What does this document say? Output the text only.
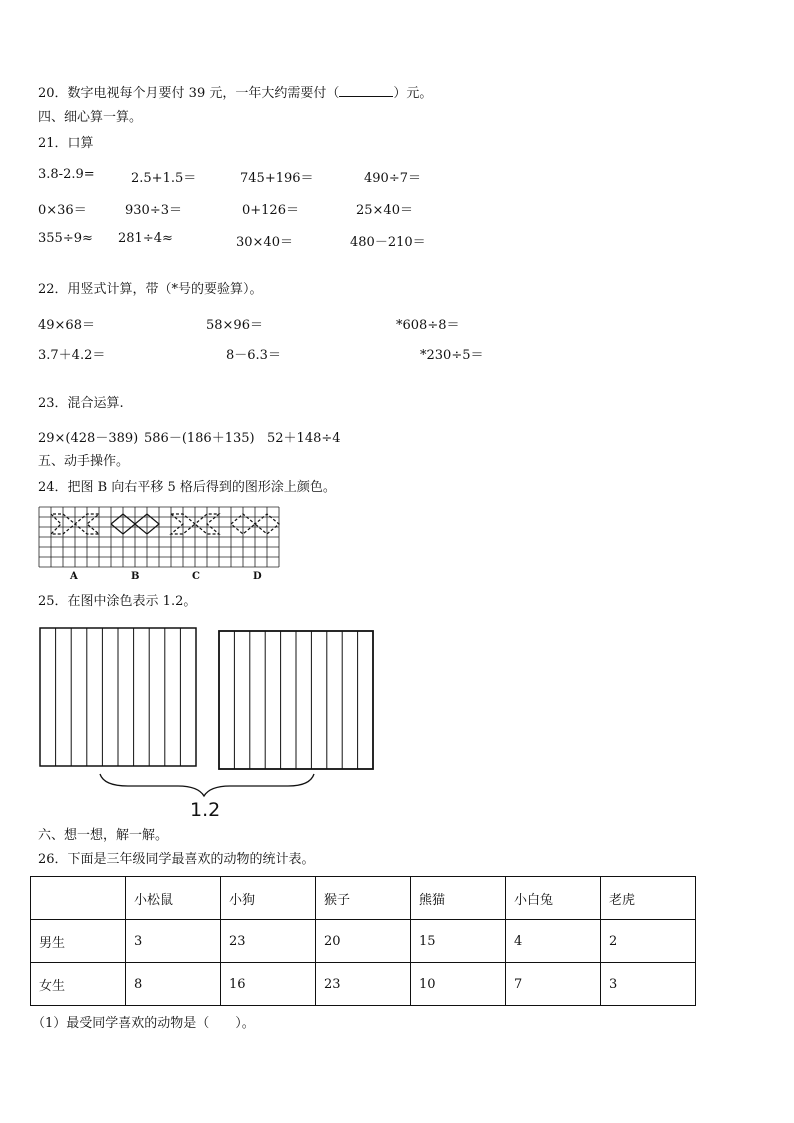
20．数字电视每个月要付 39 元，一年大约需要付（	）元。
四、细心算一算。
21．口算
3.8-2.9=	2.5+1.5＝	745+196＝	490÷7＝
0×36＝	930÷3＝	0+126＝	25×40＝
355÷9≈ 281÷4≈	30×40＝	480－210＝
22．用竖式计算，带（*号的要验算）。
49×68＝	58×96＝	*608÷8＝
3.7＋4.2＝	8－6.3＝	*230÷5＝
23．混合运算.
29×(428－389) 586－(186＋135) 52＋148÷4
五、动手操作。
24．把图 B 向右平移 5 格后得到的图形涂上颜色。
A	B	C	D
25．在图中涂色表示 1.2。
1.2
六、想一想，解一解。
26．下面是三年级同学最喜欢的动物的统计表。
	小松鼠	小狗	猴子	熊猫	小白兔	老虎
男生	3	23	20	15	4	2
女生	8	16	23	10	7	3
（1）最受同学喜欢的动物是（　　）。
